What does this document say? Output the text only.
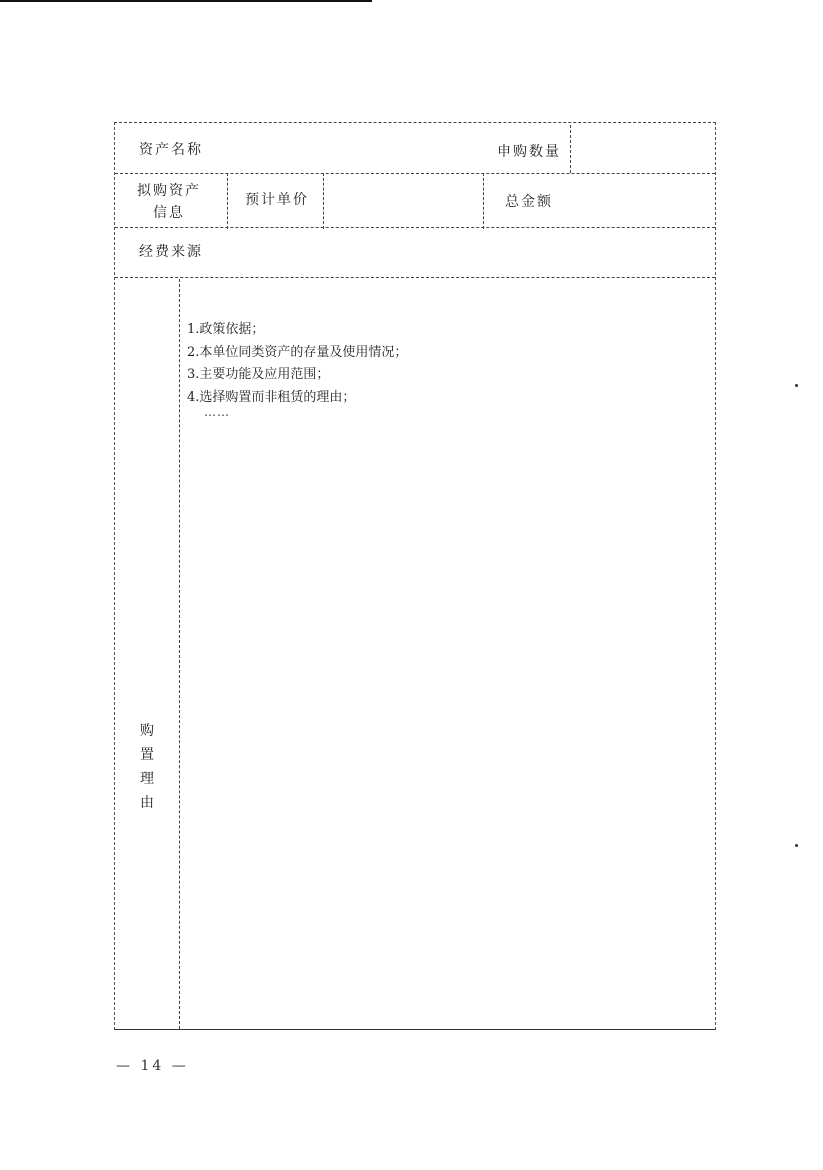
资产名称	申购数量
拟购资产
信息
预计单价	总金额
经费来源
购
置
理
由
1.政策依据；
2.本单位同类资产的存量及使用情况；
3.主要功能及应用范围；
4.选择购置而非租赁的理由；
……
— 14 —
